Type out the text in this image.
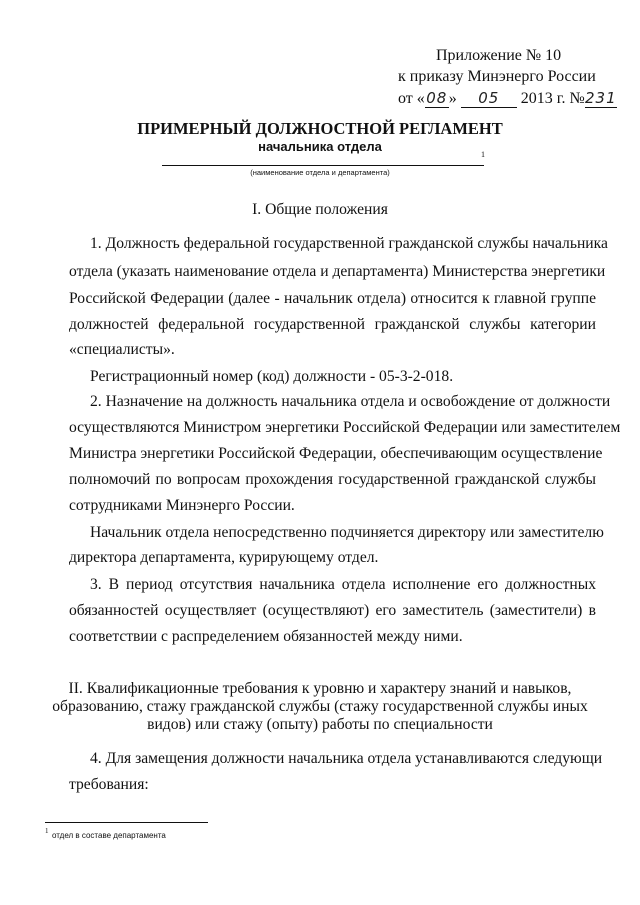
Приложение № 10
к приказу Минэнерго России
от «08» 05 2013 г. №231
ПРИМЕРНЫЙ ДОЛЖНОСТНОЙ РЕГЛАМЕНТ
начальника отдела
1
(наименование отдела и департамента)
I. Общие положения
1. Должность федеральной государственной гражданской службы начальника
отдела (указать наименование отдела и департамента) Министерства энергетики
Российской Федерации (далее - начальник отдела) относится к главной группе
должностей федеральной государственной гражданской службы категории
«специалисты».
Регистрационный номер (код) должности - 05-3-2-018.
2. Назначение на должность начальника отдела и освобождение от должности
осуществляются Министром энергетики Российской Федерации или заместителем
Министра энергетики Российской Федерации, обеспечивающим осуществление
полномочий по вопросам прохождения государственной гражданской службы
сотрудниками Минэнерго России.
Начальник отдела непосредственно подчиняется директору или заместителю
директора департамента, курирующему отдел.
3. В период отсутствия начальника отдела исполнение его должностных
обязанностей осуществляет (осуществляют) его заместитель (заместители) в
соответствии с распределением обязанностей между ними.
II. Квалификационные требования к уровню и характеру знаний и навыков,
образованию, стажу гражданской службы (стажу государственной службы иных
видов) или стажу (опыту) работы по специальности
4. Для замещения должности начальника отдела устанавливаются следующи
требования:
1 отдел в составе департамента
